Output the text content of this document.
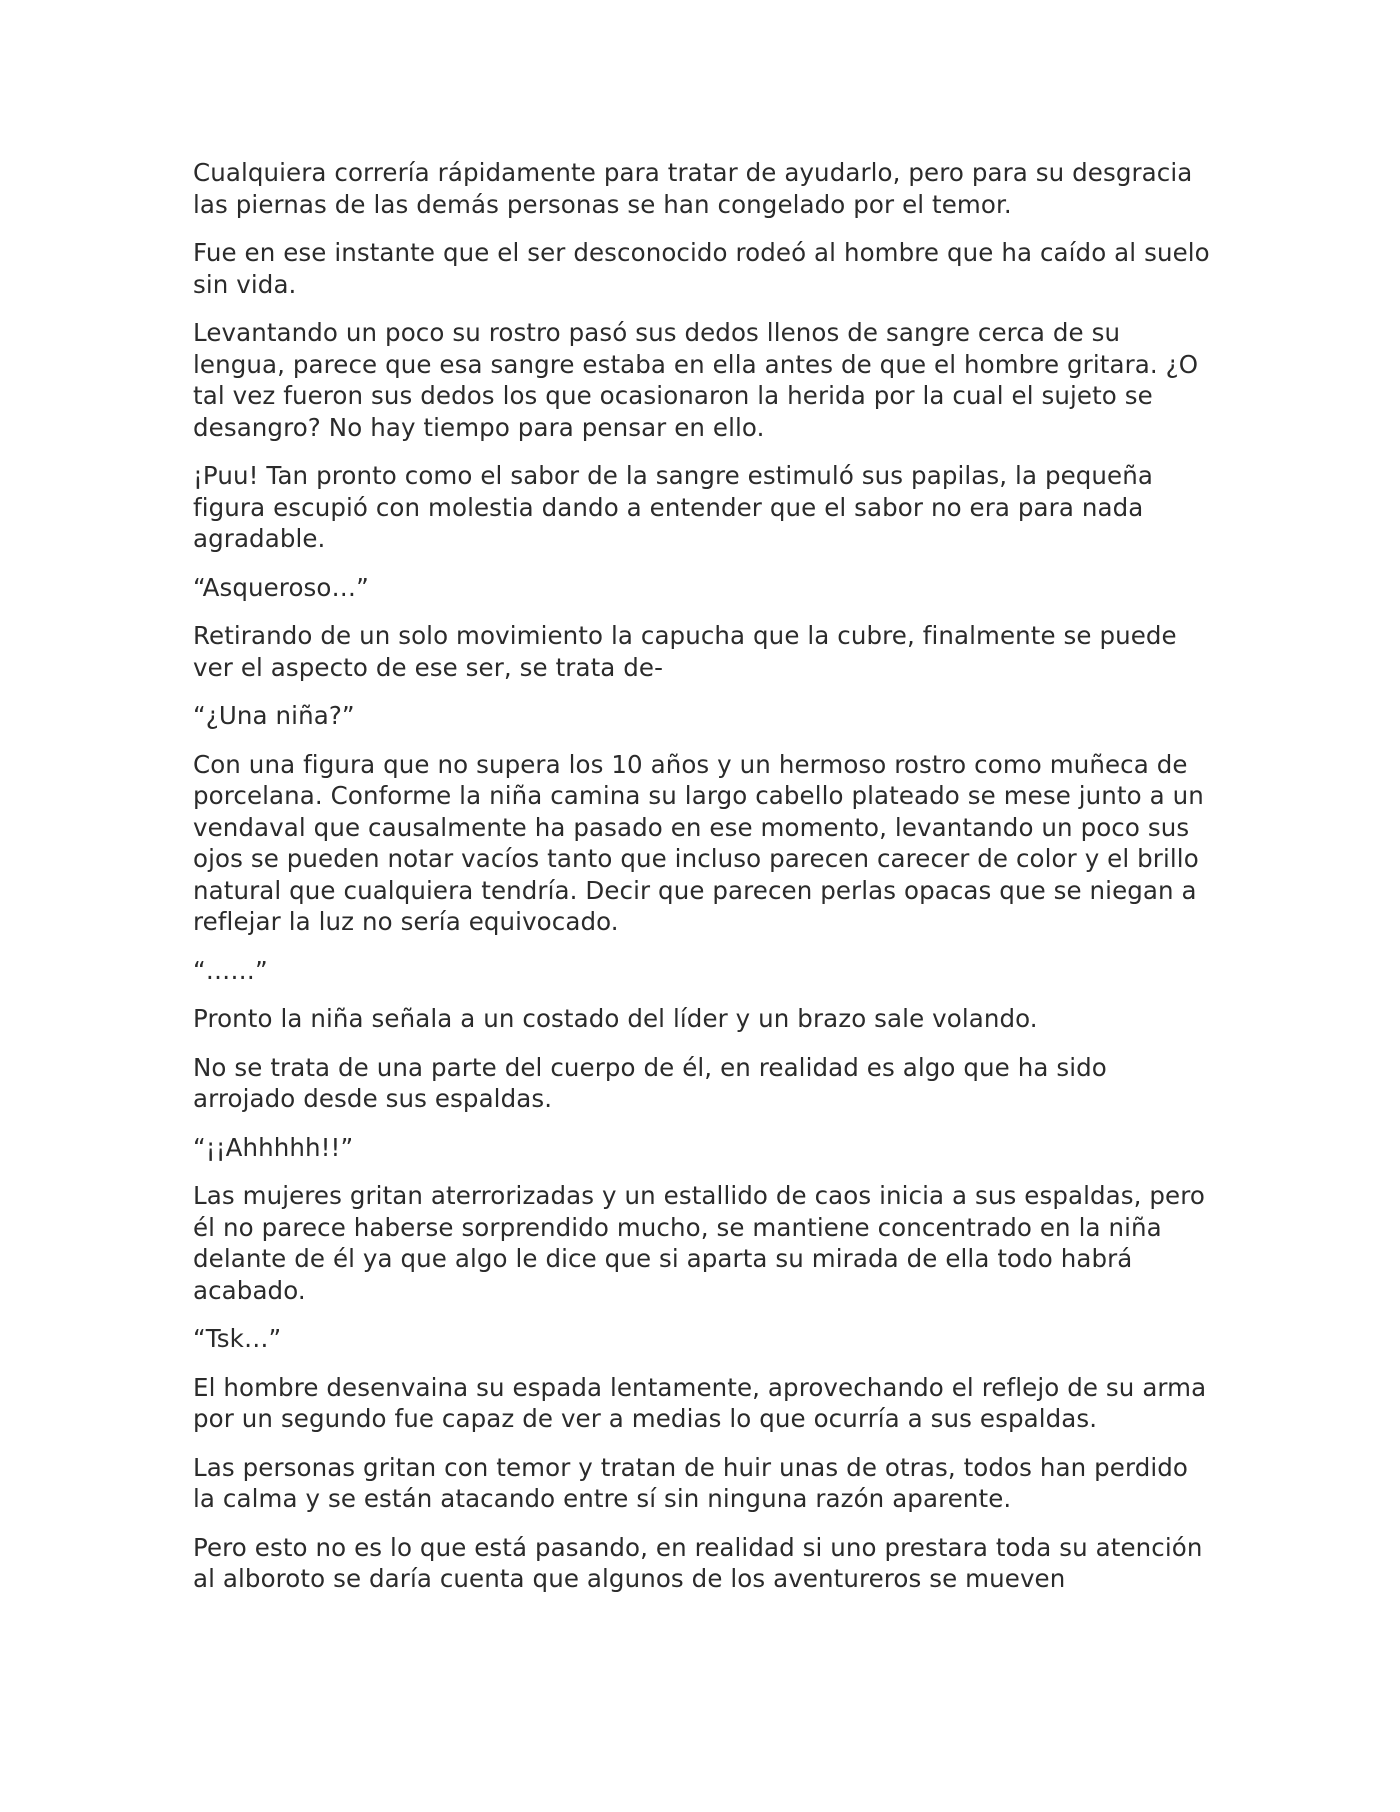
Cualquiera correría rápidamente para tratar de ayudarlo, pero para su desgracia las piernas de las demás personas se han congelado por el temor.

Fue en ese instante que el ser desconocido rodeó al hombre que ha caído al suelo sin vida.

Levantando un poco su rostro pasó sus dedos llenos de sangre cerca de su lengua, parece que esa sangre estaba en ella antes de que el hombre gritara. ¿O tal vez fueron sus dedos los que ocasionaron la herida por la cual el sujeto se desangro? No hay tiempo para pensar en ello.

¡Puu! Tan pronto como el sabor de la sangre estimuló sus papilas, la pequeña figura escupió con molestia dando a entender que el sabor no era para nada agradable.

“Asqueroso…”

Retirando de un solo movimiento la capucha que la cubre, finalmente se puede ver el aspecto de ese ser, se trata de-

“¿Una niña?”

Con una figura que no supera los 10 años y un hermoso rostro como muñeca de porcelana. Conforme la niña camina su largo cabello plateado se mese junto a un vendaval que causalmente ha pasado en ese momento, levantando un poco sus ojos se pueden notar vacíos tanto que incluso parecen carecer de color y el brillo natural que cualquiera tendría. Decir que parecen perlas opacas que se niegan a reflejar la luz no sería equivocado.

“……”

Pronto la niña señala a un costado del líder y un brazo sale volando.

No se trata de una parte del cuerpo de él, en realidad es algo que ha sido arrojado desde sus espaldas.

“¡¡Ahhhhh!!”

Las mujeres gritan aterrorizadas y un estallido de caos inicia a sus espaldas, pero él no parece haberse sorprendido mucho, se mantiene concentrado en la niña delante de él ya que algo le dice que si aparta su mirada de ella todo habrá acabado.

“Tsk…”

El hombre desenvaina su espada lentamente, aprovechando el reflejo de su arma por un segundo fue capaz de ver a medias lo que ocurría a sus espaldas.

Las personas gritan con temor y tratan de huir unas de otras, todos han perdido la calma y se están atacando entre sí sin ninguna razón aparente.

Pero esto no es lo que está pasando, en realidad si uno prestara toda su atención al alboroto se daría cuenta que algunos de los aventureros se mueven
